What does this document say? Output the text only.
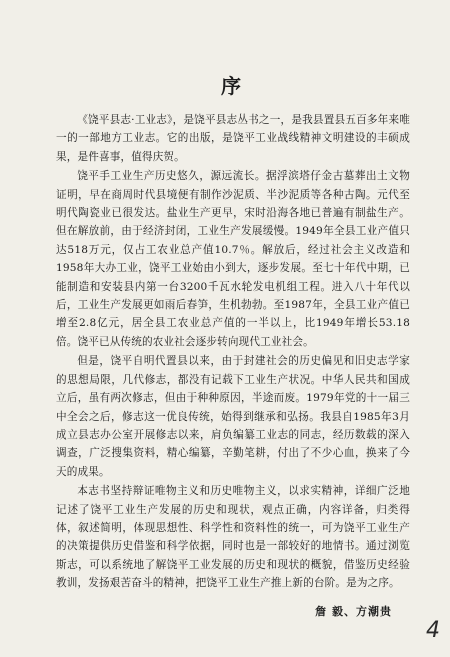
序

《饶平县志·工业志》，是饶平县志丛书之一，是我县置县五百多年来唯一的一部地方工业志。它的出版，是饶平工业战线精神文明建设的丰硕成果，是件喜事，值得庆贺。

饶平手工业生产历史悠久，源远流长。据浮滨塔仔金古墓葬出土文物证明，早在商周时代县境便有制作沙泥质、半沙泥质等各种古陶。元代至明代陶瓷业已很发达。盐业生产更早，宋时沿海各地已普遍有制盐生产。但在解放前，由于经济封闭，工业生产发展缓慢。1949年全县工业产值只达518万元，仅占工农业总产值10.7％。解放后，经过社会主义改造和1958年大办工业，饶平工业始由小到大，逐步发展。至七十年代中期，已能制造和安装县内第一台3200千瓦水轮发电机组工程。进入八十年代以后，工业生产发展更如雨后春笋，生机勃勃。至1987年，全县工业产值已增至2.8亿元，居全县工农业总产值的一半以上，比1949年增长53.18倍。饶平已从传统的农业社会逐步转向现代工业社会。

但是，饶平自明代置县以来，由于封建社会的历史偏见和旧史志学家的思想局限，几代修志，都没有记载下工业生产状况。中华人民共和国成立后，虽有两次修志，但由于种种原因，半途而废。1979年党的十一届三中全会之后，修志这一优良传统，始得到继承和弘扬。我县自1985年3月成立县志办公室开展修志以来，肩负编纂工业志的同志，经历数载的深入调查，广泛搜集资料，精心编纂，辛勤笔耕，付出了不少心血，换来了今天的成果。

本志书坚持辩证唯物主义和历史唯物主义，以求实精神，详细广泛地记述了饶平工业生产发展的历史和现状，观点正确，内容详备，归类得体，叙述简明，体现思想性、科学性和资料性的统一，可为饶平工业生产的决策提供历史借鉴和科学依据，同时也是一部较好的地情书。通过浏览斯志，可以系统地了解饶平工业发展的历史和现状的概貌，借鉴历史经验教训，发扬艰苦奋斗的精神，把饶平工业生产推上新的台阶。是为之序。

詹 毅、方潮贵
4
